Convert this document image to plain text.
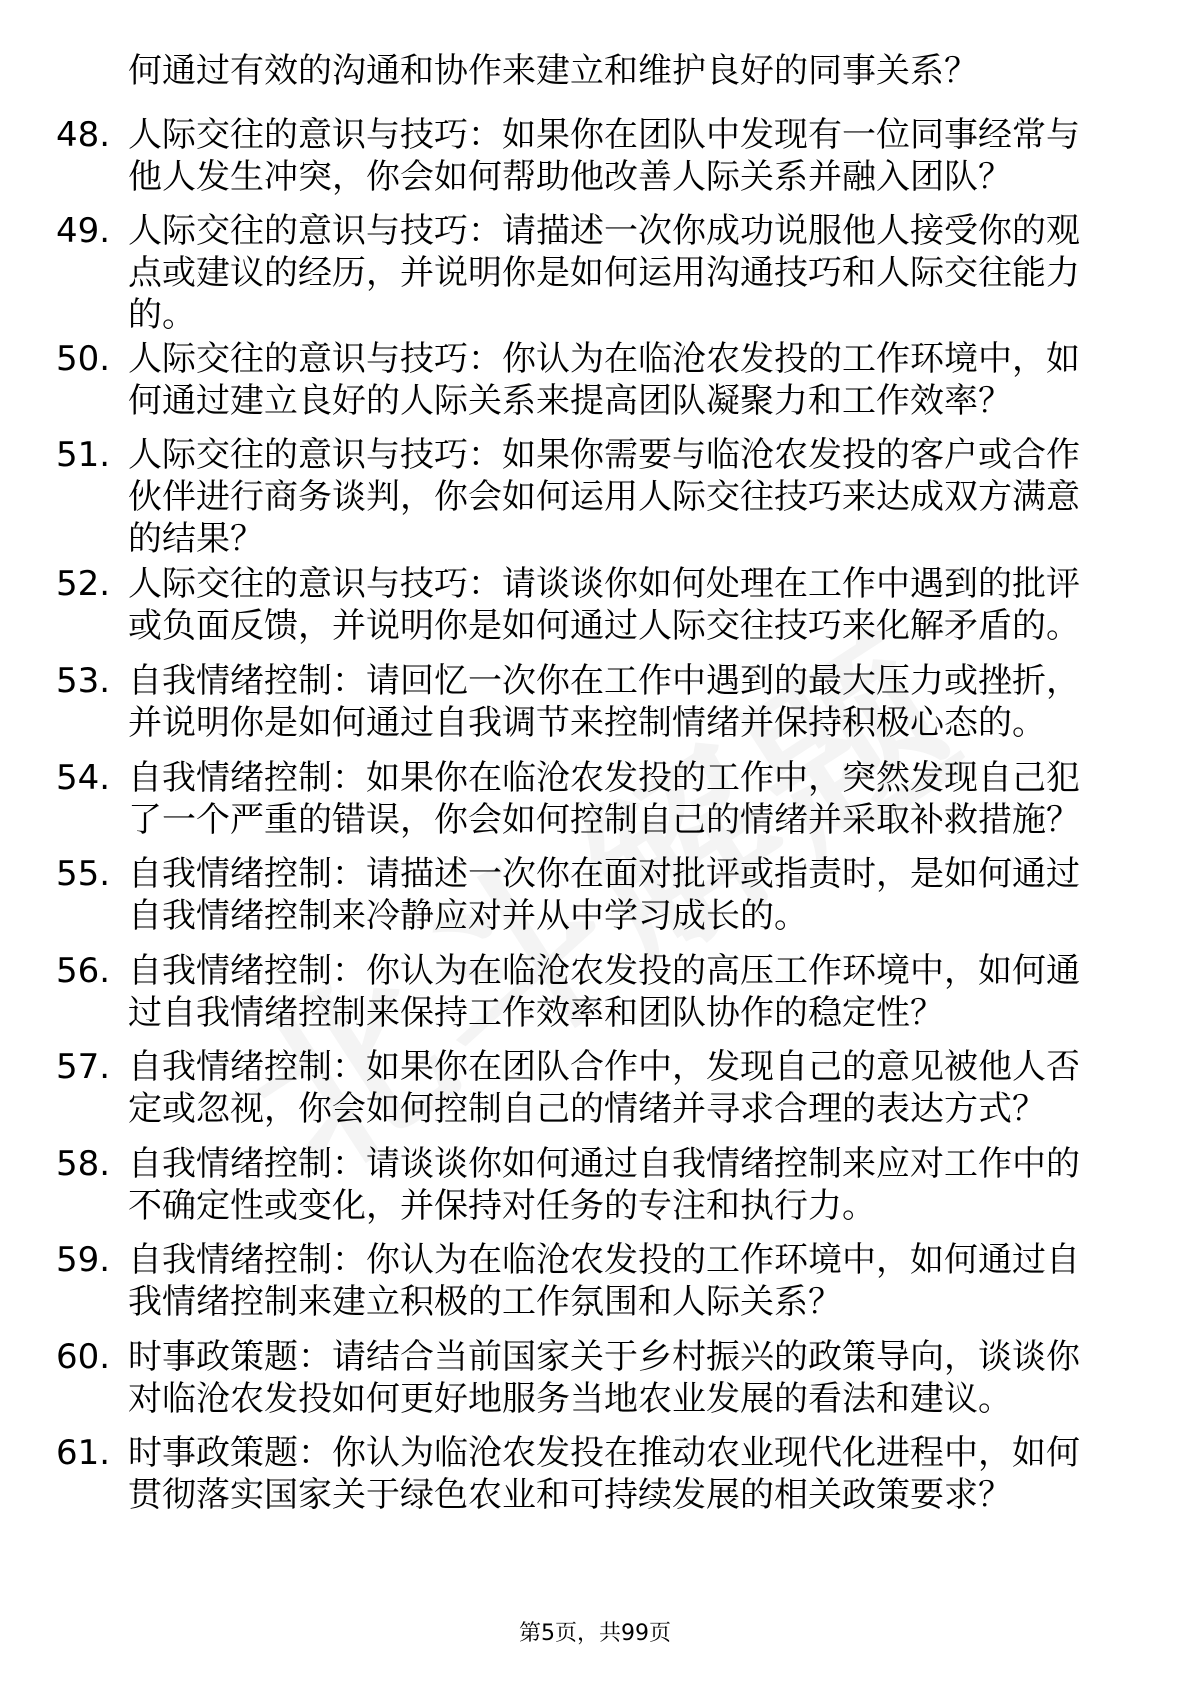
何通过有效的沟通和协作来建立和维护良好的同事关系？
48. 人际交往的意识与技巧：如果你在团队中发现有一位同事经常与
他人发生冲突，你会如何帮助他改善人际关系并融入团队？
49. 人际交往的意识与技巧：请描述一次你成功说服他人接受你的观
点或建议的经历，并说明你是如何运用沟通技巧和人际交往能力
的。
50. 人际交往的意识与技巧：你认为在临沧农发投的工作环境中，如
何通过建立良好的人际关系来提高团队凝聚力和工作效率？
51. 人际交往的意识与技巧：如果你需要与临沧农发投的客户或合作
伙伴进行商务谈判，你会如何运用人际交往技巧来达成双方满意
的结果？
52. 人际交往的意识与技巧：请谈谈你如何处理在工作中遇到的批评
或负面反馈，并说明你是如何通过人际交往技巧来化解矛盾的。
53. 自我情绪控制：请回忆一次你在工作中遇到的最大压力或挫折，
并说明你是如何通过自我调节来控制情绪并保持积极心态的。
54. 自我情绪控制：如果你在临沧农发投的工作中，突然发现自己犯
了一个严重的错误，你会如何控制自己的情绪并采取补救措施？
55. 自我情绪控制：请描述一次你在面对批评或指责时，是如何通过
自我情绪控制来冷静应对并从中学习成长的。
56. 自我情绪控制：你认为在临沧农发投的高压工作环境中，如何通
过自我情绪控制来保持工作效率和团队协作的稳定性？
57. 自我情绪控制：如果你在团队合作中，发现自己的意见被他人否
定或忽视，你会如何控制自己的情绪并寻求合理的表达方式？
58. 自我情绪控制：请谈谈你如何通过自我情绪控制来应对工作中的
不确定性或变化，并保持对任务的专注和执行力。
59. 自我情绪控制：你认为在临沧农发投的工作环境中，如何通过自
我情绪控制来建立积极的工作氛围和人际关系？
60. 时事政策题：请结合当前国家关于乡村振兴的政策导向，谈谈你
对临沧农发投如何更好地服务当地农业发展的看法和建议。
61. 时事政策题：你认为临沧农发投在推动农业现代化进程中，如何
贯彻落实国家关于绿色农业和可持续发展的相关政策要求？
第5页，共99页
